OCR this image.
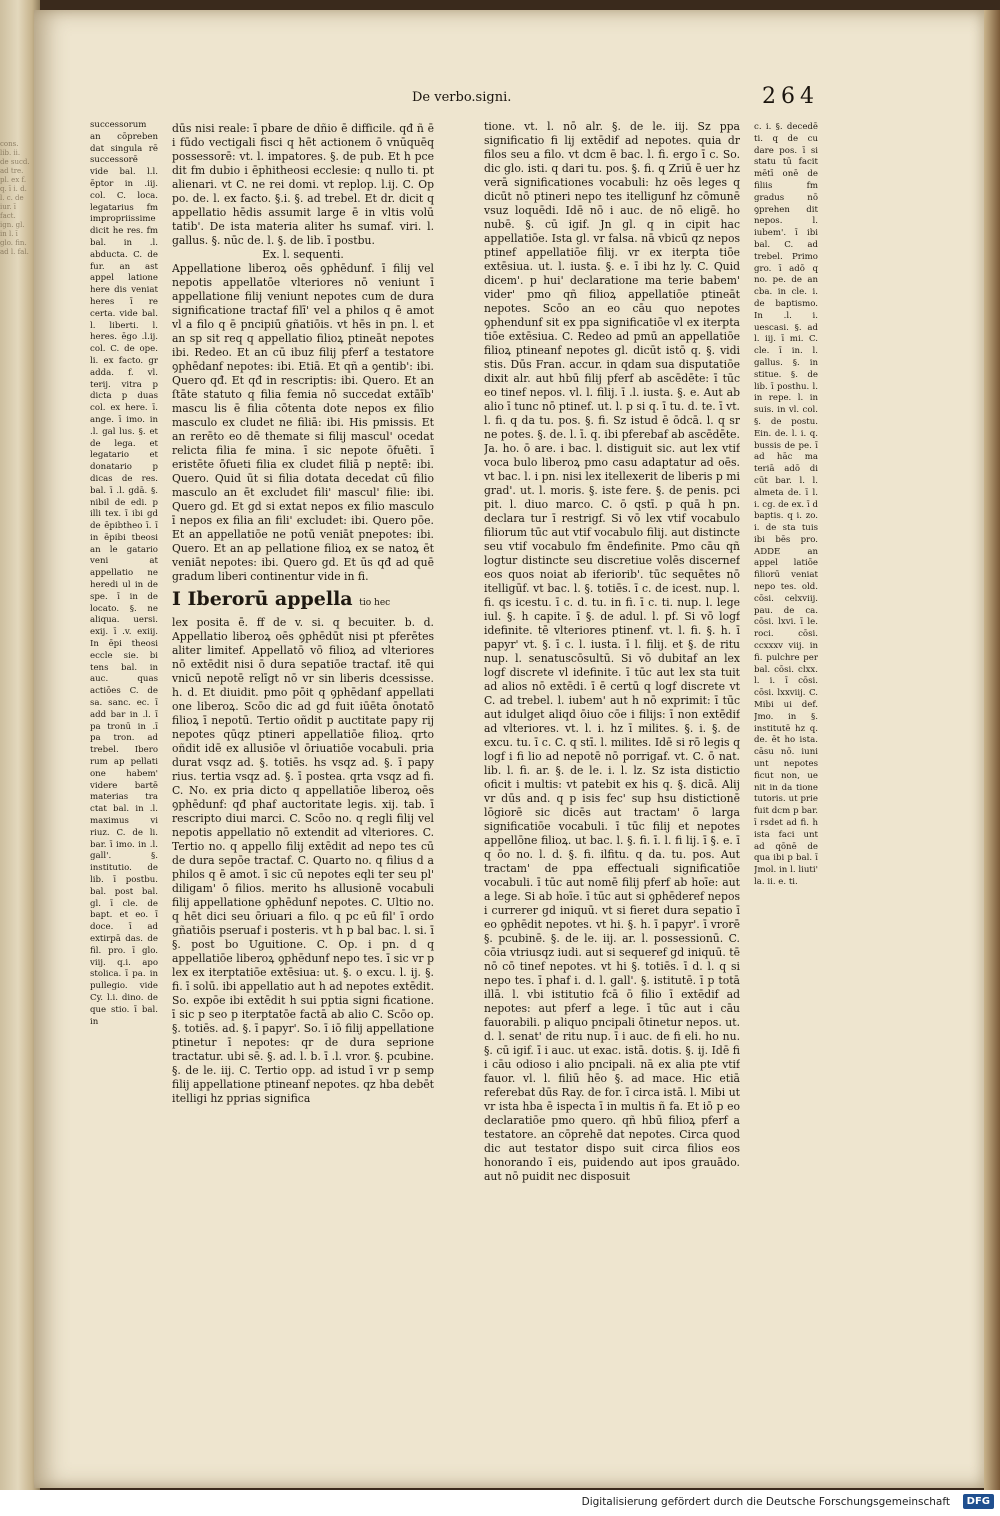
cons. lib. ii. de sucd. ad tre. pl. ex f. q. ī i. d. l. c. de iur. ī fact. ign. gl. in l. ī glo. fin. ad l. fal.
De verbo.signi.	264

successorum an cōpreben dat singula rē successorē vide bal. l.l. ēptor in .iij. col. C. loca. legatarius fm impropriissime dicit he res. fm bal. in .l. abducta. C. de fur. an ast appel latione here dis veniat heres ī re certa. vide bal. l. liberti. l. heres. ēgo .l.ij. col. C. de ope. li. ex facto. gr adda. f. vl. terij. vitra p dicta p duas col. ex here. ī. ange. ī imo. in .l. gal lus. §. et de lega. et legatario et donatario p dicas de res. bal. ī .l. gdā. §. nibil de edi. p illi tex. ī ibi gd de ēpibtheo ī. ī in ēpibi tbeosi an le gatario veni at appellatio ne heredi ul in de spe. ī in de locato. §. ne aliqua. uersi. exij. ī .v. exiij. In ēpi theosi eccle sie. bi tens bal. in auc. quas actiōes C. de sa. sanc. ec. ī add bar in .l. ī pa tronū in .ī pa tron. ad trebel. Ibero rum ap pellati one habem' videre bartē materias tra ctat bal. in .l. maximus vi riuz. C. de li. bar. ī imo. in .l. gall'. §. institutio. de lib. ī postbu. bal. post bal. gl. ī cle. de bapt. et eo. ī doce. ī ad extirpā das. de fil. pro. ī glo. viij. q.i. apo stolica. ī pa. in pullegio. vide Cy. l.i. dino. de que stio. ī bal. in

dūs nisi reale: ī pbare de dñio ē difficile. qđ ñ ē i fūdo vectigali fisci q hēt actionem ō vnūquēq possessorē: vt. l. impatores. §. de pub. Et h pce dit fm dubio i ēphitheosi ecclesie: q nullo ti. pt alienari. vt C. ne rei domi. vt replop. l.ij. C. Op po. de. l. ex facto. §.i. §. ad trebel. Et dr. dicit q appellatio hēdis assumit large ē in vltis volū tatib'. De ista materia aliter hs sumaf. viri. l. gallus. §. nūc de. l. §. de lib. ī postbu.

Ex. l. sequenti.

Appellatione liberoꝝ oēs ꝯphēdunf. ī filij vel nepotis appellatōe vlteriores nō veniunt ī appellatione filij veniunt nepotes cum de dura significatione tractaf filī' vel a philos q ē amot vl a filo q ē pncipiū gñatiōis. vt hēs in pn. l. et an sp sit req q appellatio filioꝝ ptineāt nepotes ibi. Redeo. Et an cū ibuz filij pferf a testatore ꝯphēdanf nepotes: ibi. Etiā. Et qñ a ꝯentib': ibi. Quero qđ. Et qđ in rescriptis: ibi. Quero. Et an ſtāte statuto q filia femia nō succedat extāīb' mascu lis ē filia cōtenta dote nepos ex filio masculo ex cludet ne filiā: ibi. His pmissis. Et an rerēto eo dē themate si filij mascul' ocedat relicta filia fe mina. ī sic nepote ōfuēti. ī eristēte ōfueti filia ex cludet filiā p neptē: ibi. Quero. Quid ūt si filia dotata decedat cū filio masculo an ēt excludet fili' mascul' filie: ibi. Quero gd. Et gd si extat nepos ex filio masculo ī nepos ex filia an fili' excludet: ibi. Quero pōe. Et an appellatiōe ne potū veniāt pnepotes: ibi. Quero. Et an ap pellatione filioꝝ ex se natoꝝ ēt veniāt nepotes: ibi. Quero gd. Et ūs qđ ad quē gradum liberi continentur vide in fi.

I Iberorū appella tio hec

lex posita ē. ff de v. si. q becuiter. b. d. Appellatio liberoꝝ oēs ꝯphēdūt nisi pt pferētes aliter limitef. Appellatō vō filioꝝ ad vlteriores nō extēdit nisi ō dura sepatiōe tractaf. itē qui vnicū nepotē relīgt nō vr sin liberis dcessisse. h. d. Et diuidit. pmo pōit q ꝯphēdanf appellati one liberoꝝ. Scōo dic ad gd fuit iūēta ōnotatō filioꝝ ī nepotū. Tertio oñdit p auctitate papy rij nepotes qūqz ptineri appellatiōe filioꝝ. qrto oñdit idē ex allusiōe vl ōriuatiōe vocabuli. pria durat vsqz ad. §. totiēs. hs vsqz ad. §. ī papy rius. tertia vsqz ad. §. ī postea. qrta vsqz ad fi. C. No. ex pria dicto q appellatiōe liberoꝝ oēs ꝯphēdunf: qđ phaf auctoritate legis. xij. tab. ī rescripto diui marci. C. Scōo no. q regli filij vel nepotis appellatio nō extendit ad vlteriores. C. Tertio no. q appello filij extēdit ad nepo tes cū de dura sepōe tractaf. C. Quarto no. q filius d a philos q ē amot. ī sic cū nepotes eqli ter seu pl' diligam' ō filios. merito hs allusionē vocabuli filij appellatione ꝯphēdunf nepotes. C. Ultio no. q hēt dici seu ōriuari a filo. q pc eū fil' ī ordo gñatiōis pseruaf i posteris. vt h p bal bac. l. si. ī §. post bo Uguitione. C. Op. i pn. d q appellatiōe liberoꝝ ꝯphēdunf nepo tes. ī sic vr p lex ex iterptatiōe extēsiua: ut. §. o excu. l. ij. §. fi. ī solū. ibi appellatio aut h ad nepotes extēdit. So. expōe ibi extēdit h sui pptia signi ficatione. ī sic p seo p iterptatōe factā ab alio C. Scōo op. §. totiēs. ad. §. ī papyr'. So. ī iō filij appellatione ptinetur ī nepotes: qr de dura seprione tractatur. ubi sē. §. ad. l. b. ī .l. vror. §. pcubine. §. de le. iij. C. Tertio opp. ad istud ī vr p semp filij appellatione ptineanf nepotes. qz hba debēt itelligi hz pprias significa

tione. vt. l. nō alr. §. de le. iij. Sz ppa significatio fi lij extēdif ad nepotes. quia dr filos seu a filo. vt dcm ē bac. l. fi. ergo ī c. So. dic glo. isti. q dari tu. pos. §. fi. q Zriū ē uer hz verā significationes vocabuli: hz oēs leges q dicūt nō ptineri nepo tes itelligunf hz cōmunē vsuz loquēdi. Idē nō i auc. de nō eligē. ho nubē. §. cū igif. Jn gl. q in cipit hac appellatiōe. Ista gl. vr falsa. nā vbicū qz nepos ptinef appellatiōe filij. vr ex iterpta tiōe extēsiua. ut. l. iusta. §. e. ī ibi hz ly. C. Quid dicem'. p hui' declaratione ma terie babem' vider' pmo qñ filioꝝ appellatiōe ptineāt nepotes. Scōo an eo cāu quo nepotes ꝯphendunf sit ex ppa significatiōe vl ex iterpta tiōe extēsiua. C. Redeo ad pmū an appellatiōe filioꝝ ptineanf nepotes gl. dicūt istō q. §. vidi stis. Dūs Fran. accur. in qdam sua disputatiōe dixit alr. aut hbū filij pferf ab ascēdēte: ī tūc eo tinef nepos. vl. l. filij. ī .l. iusta. §. e. Aut ab alio ī tunc nō ptinef. ut. l. p si q. ī tu. d. te. ī vt. l. fi. q da tu. pos. §. fi. Sz istud ē ōdcā. l. q sr ne potes. §. de. l. ī. q. ibi pferebaf ab ascēdēte. Ja. ho. ō are. i bac. l. distiguit sic. aut lex vtif voca bulo liberoꝝ pmo casu adaptatur ad oēs. vt bac. l. i pn. nisi lex itellexerit de liberis p mi grad'. ut. l. moris. §. iste fere. §. de penis. pci pit. l. diuo marco. C. ō qstī. p quā h pn. declara tur ī restrigf. Si vō lex vtif vocabulo filiorum tūc aut vtif vocabulo filij. aut distincte seu vtif vocabulo fm ēndefinite. Pmo cāu qñ logtur distincte seu discretiue volēs discernef eos quos noiat ab iferiorib'. tūc sequētes nō itelligūf. vt bac. l. §. totiēs. ī c. de icest. nup. l. fi. qs icestu. ī c. d. tu. in fi. ī c. ti. nup. l. lege iul. §. h capite. ī §. de adul. l. pf. Si vō logf idefinite. tē vlteriores ptinenf. vt. l. fi. §. h. ī papyr' vt. §. ī c. l. iusta. ī l. filij. et §. de ritu nup. l. senatuscōsultū. Si vō dubitaf an lex logf discrete vl idefinite. ī tūc aut lex sta tuit ad alios nō extēdi. ī ē certū q logf discrete vt C. ad trebel. l. iubem' aut h nō exprimit: ī tūc aut idulget aliqd ōiuo cōe i filijs: ī non extēdif ad vlteriores. vt. l. i. hz ī milites. §. i. §. de excu. tu. ī c. C. q stī. l. milites. Idē si rō legis q logf i fi lio ad nepotē nō porrigaf. vt. C. ō nat. lib. l. fi. ar. §. de le. i. l. lz. Sz ista distictio oficit i multis: vt patebit ex his q. §. dicā. Alij vr dūs and. q p isis fec' sup hsu distictionē lōgiorē sic dicēs aut tractam' ō larga significatiōe vocabuli. ī tūc filij et nepotes appellōne filioꝝ. ut bac. l. §. fi. ī. l. fi lij. ī §. e. ī q ōo no. l. d. §. fi. ilfitu. q da. tu. pos. Aut tractam' de ppa effectuali significatiōe vocabuli. ī tūc aut nomē filij pferf ab hoīe: aut a lege. Si ab hoīe. ī tūc aut si ꝯphēderef nepos i currerer gd iniquū. vt si fieret dura sepatio ī eo ꝯphēdit nepotes. vt hi. §. h. ī papyr'. ī vrorē §. pcubinē. §. de le. iij. ar. l. possessionū. C. cōia vtriusqz iudi. aut si sequeref gd iniquū. tē nō cō tinef nepotes. vt hi §. totiēs. ī d. l. q si nepo tes. ī phaf i. d. l. gall'. §. istitutē. ī p totā illā. l. vbi istitutio fcā ō filio ī extēdif ad nepotes: aut pferf a lege. ī tūc aut i cāu fauorabili. p aliquo pncipali ōtinetur nepos. ut. d. l. senat' de ritu nup. ī i auc. de fi eli. ho nu. §. cū igif. ī i auc. ut exac. istā. dotis. §. ij. Idē fi i cāu odioso i alio pncipali. nā ex alia pte vtif fauor. vl. l. filiū hēo §. ad mace. Hic etiā referebat dūs Ray. de for. ī circa istā. l. Mibi ut vr ista hba ē ispecta ī in multis ñ fa. Et iō p eo declaratiōe pmo quero. qñ hbū filioꝝ pferf a testatore. an cōprehē dat nepotes. Circa quod dic aut testator dispo suit circa filios eos honorando ī eis, puidendo aut ipos grauādo. aut nō puidit nec disposuit

c. i. §. decedē ti. q de cu dare pos. ī si statu tū facit mētī onē de filiis fm gradus nō ꝯprehen dit nepos. l. iubem'. ī ibi bal. C. ad trebel. Primo gro. ī adō q no. pe. de an cba. in cle. i. de baptismo. In .l. i. uescasi. §. ad l. iij. ī mi. C. cle. ī in. l. gallus. §. in stitue. §. de lib. ī posthu. l. in repe. l. in suis. in vl. col. §. de postu. Ein. de. l. i. q. bussis de pe. ī ad hāc ma teriā adō di cūt bar. l. l. almeta de. ī l. i. cg. de ex. ī d baptis. q i. zo. i. de sta tuis ibi bēs pro. ADDE an appel latiōe filiorū veniat nepo tes. old. cōsi. celxviij. pau. de ca. cōsi. lxvi. ī le. roci. cōsi. ccxxxv viij. in fi. pulchre per bal. cōsi. clxx. l. i. ī cōsi. cōsi. lxxviij. C. Mibi ui def. Jmo. in §. institutē hz q. de. ēt ho ista. cāsu nō. iuni unt nepotes ficut non, ue nit in da tione tutoris. ut prie fuit dcm p bar. ī rsdet ad fi. h ista faci unt ad qōnē de qua ibi p bal. ī Jmol. in l. liuti' la. ii. e. ti.

Digitalisierung gefördert durch die Deutsche Forschungsgemeinschaft	DFG
